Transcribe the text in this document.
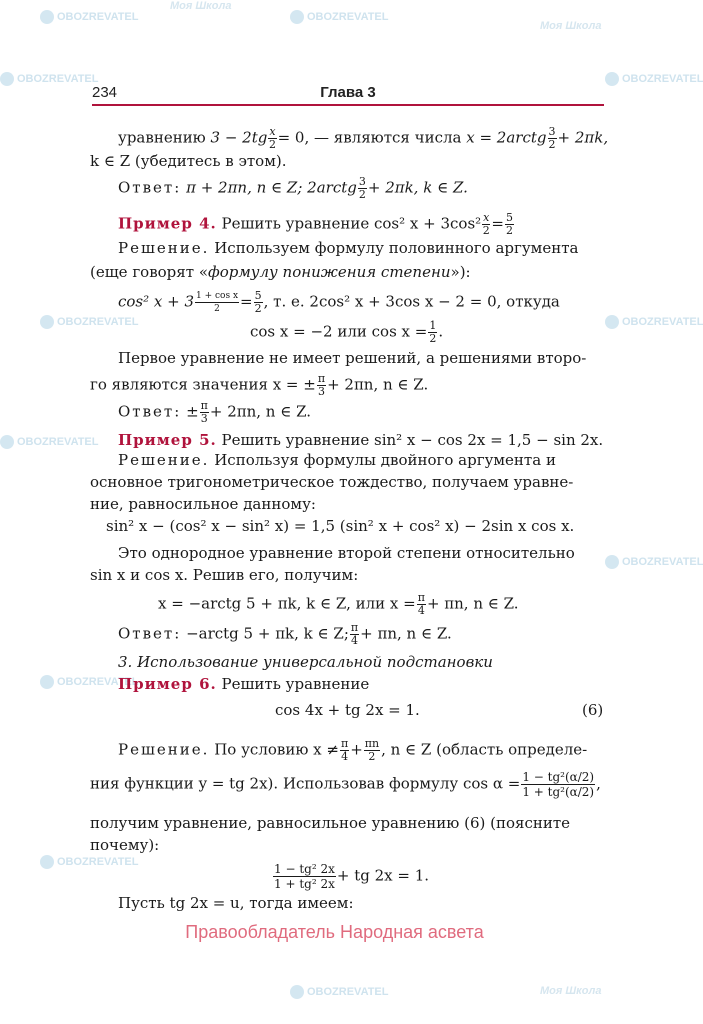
OBOZREVATEL
Моя Школа
OBOZREVATEL
Моя Школа
OBOZREVATEL	OBOZREVATEL
OBOZREVATEL	OBOZREVATEL
OBOZREVATEL
OBOZREVATEL
OBOZREVATEL
OBOZREVATEL
Моя Школа
OBOZREVATEL
234	Глава 3
уравнению $3 - 2tg \frac{x}{2} = 0$, — являются числа x = 2arctg $\frac{3}{2} + 2\pi k$,
k ∈ Z (убедитесь в этом).
Ответ: π + 2πn, n ∈ Z; 2arctg $\frac{3}{2} + 2\pi k$, k ∈ Z.
Пример 4. Решить уравнение cos² $x + 3\cos^2 \frac{x}{2} = \frac{5}{2}$
Решение. Используем формулу половинного аргумента
(еще говорят «формулу понижения степени»):
cos² $x + 3 \frac{\text{1 + cos x}}{2} = \frac{5}{2}$ , т. е. 2cos² x + 3cos x − 2 = 0, откуда
cos x = −2 или $\cos x = \frac{1}{2}$ .
Первое уравнение не имеет решений, а решениями второ-
го являются значения x = ± $\frac{\pi}{3} + 2\pi n$, n ∈ Z.
Ответ: ± $\frac{\pi}{3} + 2\pi n$, n ∈ Z.
Пример 5. Решить уравнение sin² x − cos 2x = 1,5 − sin 2x.
Решение. Используя формулы двойного аргумента и
основное тригонометрическое тождество, получаем уравне-
ние, равносильное данному:
sin² x − (cos² x − sin² x) = 1,5 (sin² x + cos² x) − 2sin x cos x.
Это однородное уравнение второй степени относительно
sin x и cos x. Решив его, получим:
x = −arctg 5 + πk, k ∈ Z, или $x = \frac{\pi}{4} + \pi n$, n ∈ Z.
Ответ: −arctg 5 + πk, k ∈ Z; $\frac{\pi}{4} + \pi n$, n ∈ Z.
3. Использование универсальной подстановки
Пример 6. Решить уравнение
cos 4x + tg 2x = 1.	(6)
Решение. По условию $x \ne \frac{\pi}{4} + \frac{\pi n}{2}$ , n ∈ Z (область определе-
ния функции y = tg 2x). Использовав формулу $\cos \alpha = \frac{\text{1 − tg²(α/2)}}{\text{1 + tg²(α/2)}}$ ,
получим уравнение, равносильное уравнению (6) (поясните
почему):
$\frac{\text{1 − tg² 2x}}{\text{1 + tg² 2x}}$ + tg 2x = 1.
Пусть tg 2x = u, тогда имеем:
Правообладатель Народная асвета
